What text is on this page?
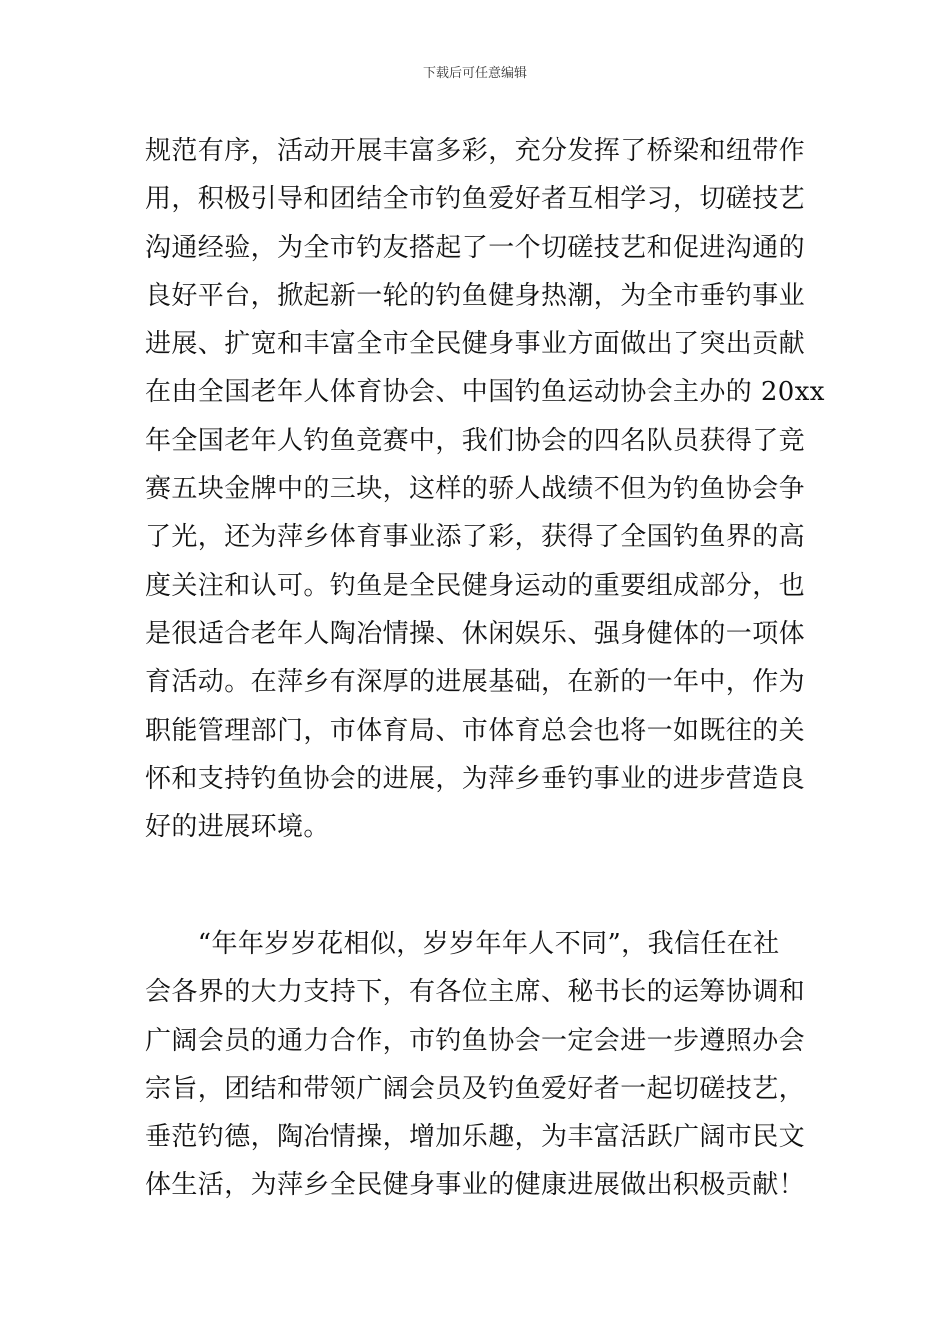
下载后可任意编辑
规范有序，活动开展丰富多彩，充分发挥了桥梁和纽带作
用，积极引导和团结全市钓鱼爱好者互相学习，切磋技艺
沟通经验，为全市钓友搭起了一个切磋技艺和促进沟通的
良好平台，掀起新一轮的钓鱼健身热潮，为全市垂钓事业
进展、扩宽和丰富全市全民健身事业方面做出了突出贡献
在由全国老年人体育协会、中国钓鱼运动协会主办的 20xx
年全国老年人钓鱼竞赛中，我们协会的四名队员获得了竞
赛五块金牌中的三块，这样的骄人战绩不但为钓鱼协会争
了光，还为萍乡体育事业添了彩，获得了全国钓鱼界的高
度关注和认可。钓鱼是全民健身运动的重要组成部分，也
是很适合老年人陶冶情操、休闲娱乐、强身健体的一项体
育活动。在萍乡有深厚的进展基础，在新的一年中，作为
职能管理部门，市体育局、市体育总会也将一如既往的关
怀和支持钓鱼协会的进展，为萍乡垂钓事业的进步营造良
好的进展环境。
　　“年年岁岁花相似，岁岁年年人不同”，我信任在社
会各界的大力支持下，有各位主席、秘书长的运筹协调和
广阔会员的通力合作，市钓鱼协会一定会进一步遵照办会
宗旨，团结和带领广阔会员及钓鱼爱好者一起切磋技艺，
垂范钓德，陶冶情操，增加乐趣，为丰富活跃广阔市民文
体生活，为萍乡全民健身事业的健康进展做出积极贡献！
